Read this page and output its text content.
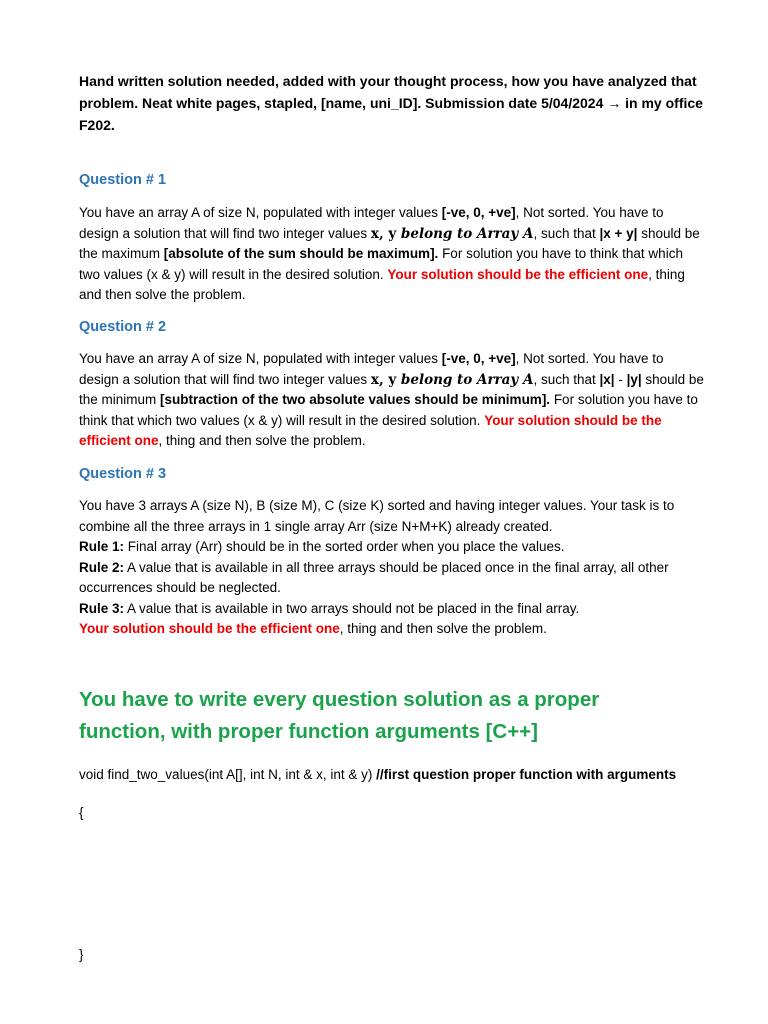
Hand written solution needed, added with your thought process, how you have analyzed that problem. Neat white pages, stapled, [name, uni_ID]. Submission date 5/04/2024 → in my office F202.

Question # 1

You have an array A of size N, populated with integer values [-ve, 0, +ve], Not sorted. You have to design a solution that will find two integer values x, y belong to Array A, such that |x + y| should be the maximum [absolute of the sum should be maximum]. For solution you have to think that which two values (x & y) will result in the desired solution. Your solution should be the efficient one, thing and then solve the problem.

Question # 2

You have an array A of size N, populated with integer values [-ve, 0, +ve], Not sorted. You have to design a solution that will find two integer values x, y belong to Array A, such that |x| - |y| should be the minimum [subtraction of the two absolute values should be minimum]. For solution you have to think that which two values (x & y) will result in the desired solution. Your solution should be the efficient one, thing and then solve the problem.

Question # 3

You have 3 arrays A (size N), B (size M), C (size K) sorted and having integer values. Your task is to combine all the three arrays in 1 single array Arr (size N+M+K) already created.

Rule 1: Final array (Arr) should be in the sorted order when you place the values.

Rule 2: A value that is available in all three arrays should be placed once in the final array, all other occurrences should be neglected.

Rule 3: A value that is available in two arrays should not be placed in the final array.

Your solution should be the efficient one, thing and then solve the problem.

You have to write every question solution as a proper function, with proper function arguments [C++]

void find_two_values(int A[], int N, int & x, int & y) //first question proper function with arguments

{

}
